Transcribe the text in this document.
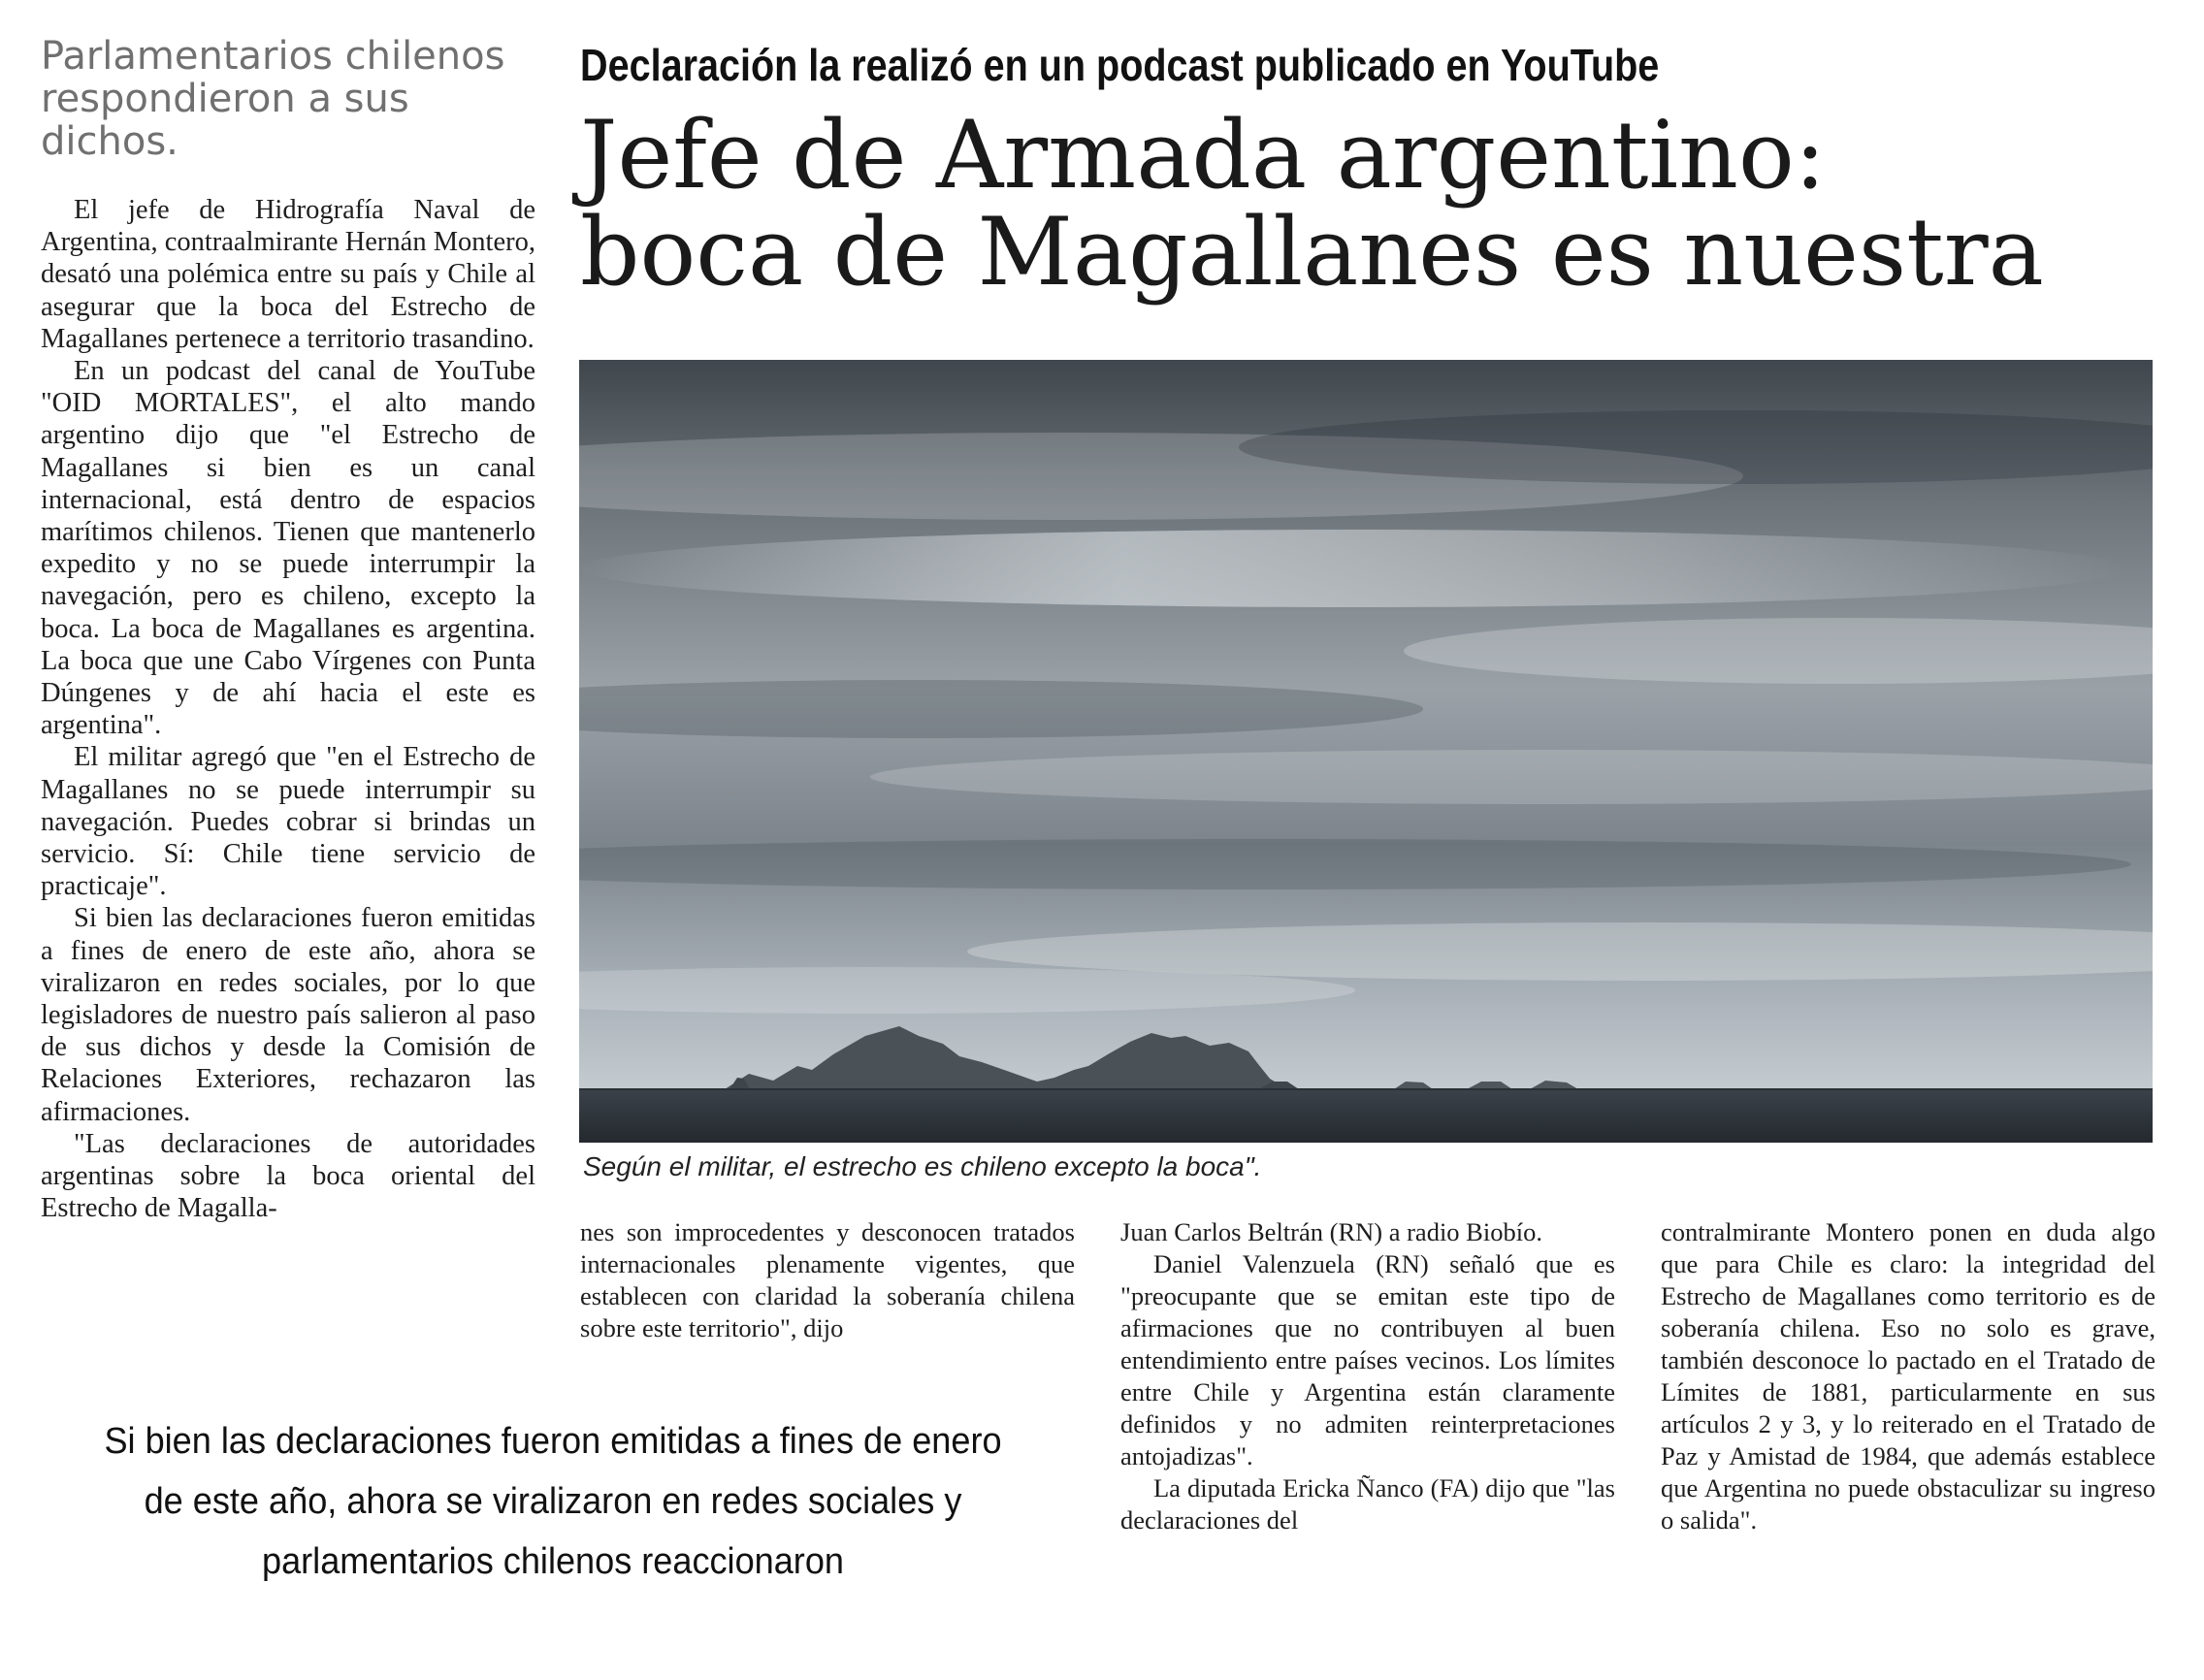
Parlamentarios chilenos respondieron a sus dichos.
Declaración la realizó en un podcast publicado en YouTube
Jefe de Armada argentino:
boca de Magallanes es nuestra
Según el militar, el estrecho es chileno excepto la boca".

El jefe de Hidrografía Naval de Argentina, contraalmirante Hernán Montero, desató una polémica entre su país y Chile al asegurar que la boca del Estrecho de Magallanes pertenece a territorio trasandino.

En un podcast del canal de YouTube "OID MORTALES", el alto mando argentino dijo que "el Estrecho de Magallanes si bien es un canal internacional, está dentro de espacios marítimos chilenos. Tienen que mantenerlo expedito y no se puede interrumpir la navegación, pero es chileno, excepto la boca. La boca de Magallanes es argentina. La boca que une Cabo Vírgenes con Punta Dúngenes y de ahí hacia el este es argentina".

El militar agregó que "en el Estrecho de Magallanes no se puede interrumpir su navegación. Puedes cobrar si brindas un servicio. Sí: Chile tiene servicio de practicaje".

Si bien las declaraciones fueron emitidas a fines de enero de este año, ahora se viralizaron en redes sociales, por lo que legisladores de nuestro país salieron al paso de sus dichos y desde la Comisión de Relaciones Exteriores, rechazaron las afirmaciones.

"Las declaraciones de autoridades argentinas sobre la boca oriental del Estrecho de Magalla-

nes son improcedentes y desconocen tratados internacionales plenamente vigentes, que establecen con claridad la soberanía chilena sobre este territorio", dijo

Juan Carlos Beltrán (RN) a radio Biobío.

Daniel Valenzuela (RN) señaló que es "preocupante que se emitan este tipo de afirmaciones que no contribuyen al buen entendimiento entre países vecinos. Los límites entre Chile y Argentina están claramente definidos y no admiten reinterpretaciones antojadizas".

La diputada Ericka Ñanco (FA) dijo que "las declaraciones del

contralmirante Montero ponen en duda algo que para Chile es claro: la integridad del Estrecho de Magallanes como territorio es de soberanía chilena. Eso no solo es grave, también desconoce lo pactado en el Tratado de Límites de 1881, particularmente en sus artículos 2 y 3, y lo reiterado en el Tratado de Paz y Amistad de 1984, que además establece que Argentina no puede obstaculizar su ingreso o salida".

Si bien las declaraciones fueron emitidas a fines de enero de este año, ahora se viralizaron en redes sociales y parlamentarios chilenos reaccionaron
